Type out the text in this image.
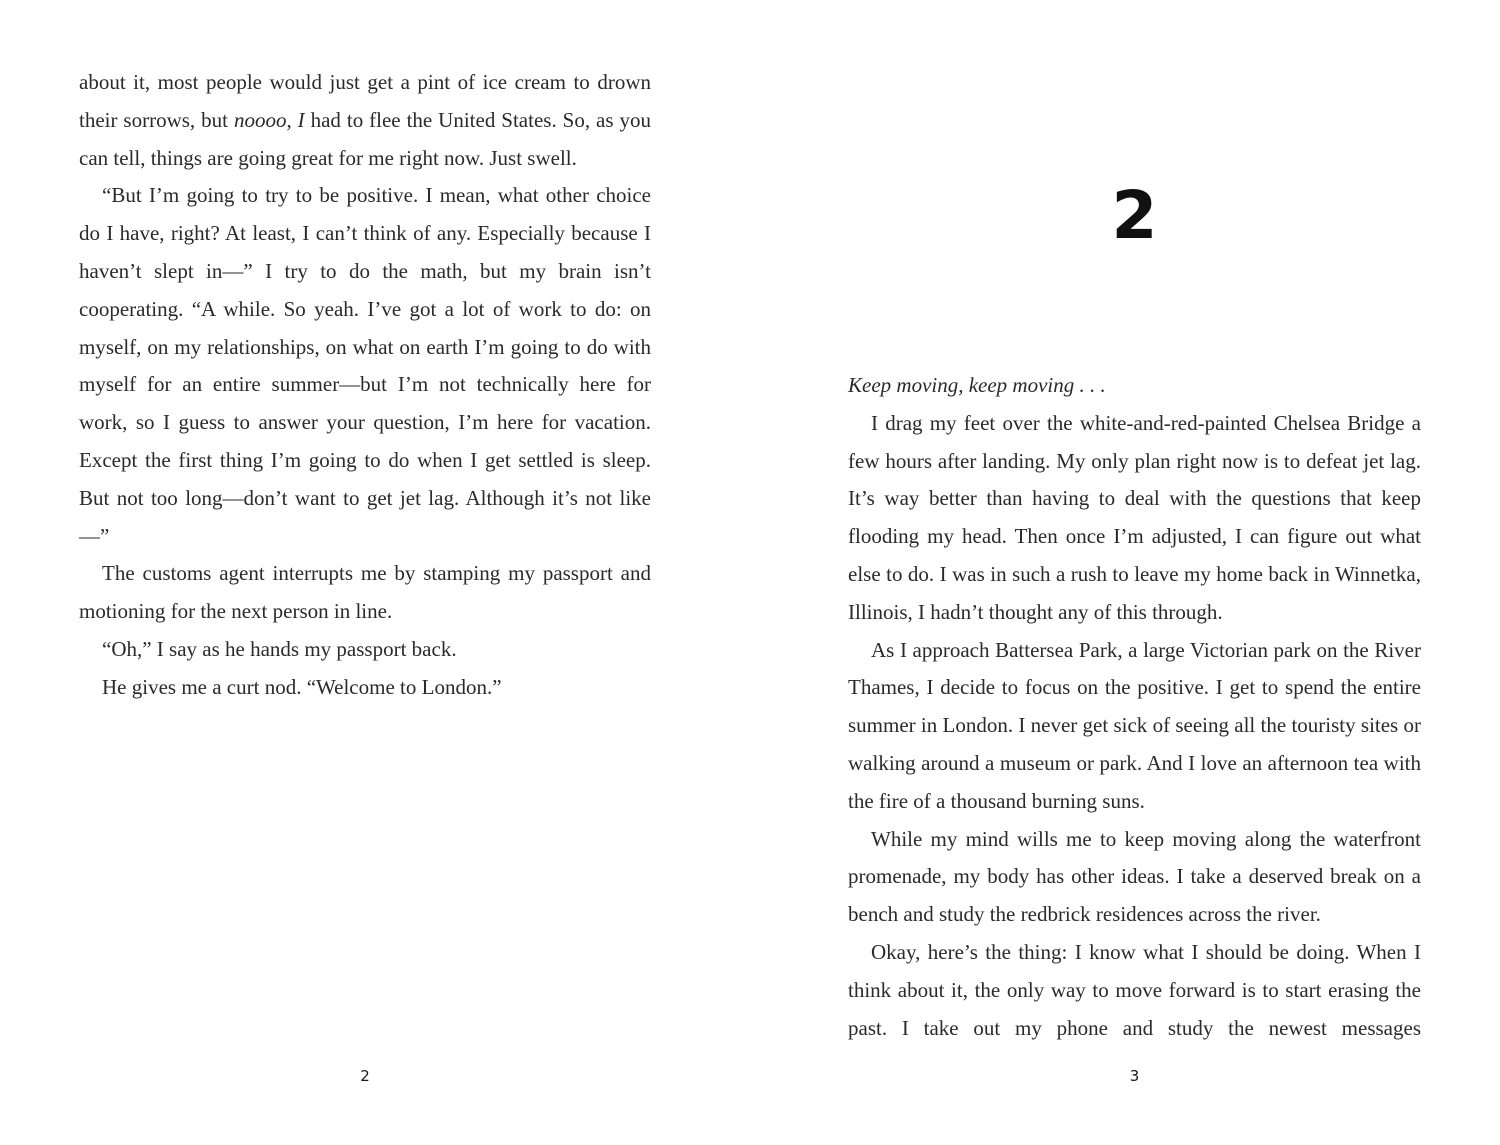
about it, most people would just get a pint of ice cream to drown their sorrows, but noooo, I had to flee the United States. So, as you can tell, things are going great for me right now. Just swell.

“But I’m going to try to be positive. I mean, what other choice do I have, right? At least, I can’t think of any. Especially because I haven’t slept in—” I try to do the math, but my brain isn’t cooperating. “A while. So yeah. I’ve got a lot of work to do: on myself, on my relationships, on what on earth I’m going to do with myself for an entire summer—but I’m not technically here for work, so I guess to answer your question, I’m here for vacation. Except the first thing I’m going to do when I get settled is sleep. But not too long—don’t want to get jet lag. Although it’s not like—”

The customs agent interrupts me by stamping my passport and motioning for the next person in line.

“Oh,” I say as he hands my passport back.

He gives me a curt nod. “Welcome to London.”

2
2

Keep moving, keep moving . . .

I drag my feet over the white-and-red-painted Chelsea Bridge a few hours after landing. My only plan right now is to defeat jet lag. It’s way better than having to deal with the questions that keep flooding my head. Then once I’m adjusted, I can figure out what else to do. I was in such a rush to leave my home back in Winnetka, Illinois, I hadn’t thought any of this through.

As I approach Battersea Park, a large Victorian park on the River Thames, I decide to focus on the positive. I get to spend the entire summer in London. I never get sick of seeing all the touristy sites or walking around a museum or park. And I love an afternoon tea with the fire of a thousand burning suns.

While my mind wills me to keep moving along the waterfront promenade, my body has other ideas. I take a deserved break on a bench and study the redbrick residences across the river.

Okay, here’s the thing: I know what I should be doing. When I think about it, the only way to move forward is to start erasing the past. I take out my phone and study the newest messages

3
